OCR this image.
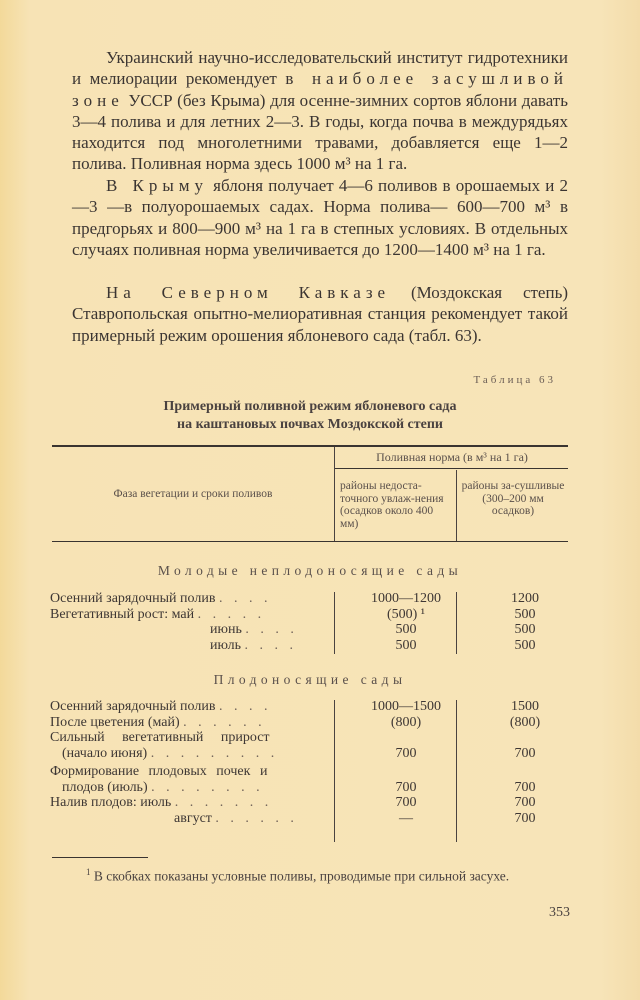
Украинский научно-исследовательский институт гидротехники и мелиорации рекомендует в наиболее засушливой зоне УССР (без Крыма) для осенне-зимних сортов яблони давать 3—4 полива и для летних 2—3. В годы, когда почва в междурядьях находится под многолетними травами, добавляется еще 1—2 полива. Поливная норма здесь 1000 м³ на 1 га.

В Крыму яблоня получает 4—6 поливов в орошаемых и 2—3 —в полуорошаемых садах. Норма полива— 600—700 м³ в предгорьях и 800—900 м³ на 1 га в степных условиях. В отдельных случаях поливная норма увеличивается до 1200—1400 м³ на 1 га.

На Северном Кавказе (Моздокская степь) Ставропольская опытно-мелиоративная станция рекомендует такой примерный режим орошения яблоневого сада (табл. 63).

Таблица 63
Примерный поливной режим яблоневого сада
на каштановых почвах Моздокской степи
Фаза вегетации и сроки поливов
Поливная норма (в м³ на 1 га)
районы недоста-точного увлаж-нения (осадков около 400 мм)
районы за-сушливые (300–200 мм осадков)
Молодые неплодоносящие сады
Осенний зарядочный полив . . . .	1000—1200	1200
Вегетативный рост: май . . . . .	(500) ¹	500
июнь . . . .	500	500
июль . . . .	500	500
Плодоносящие сады
Осенний зарядочный полив . . . .	1000—1500	1500
После цветения (май) . . . . . .	(800)	(800)
Сильный вегетативный прирост
(начало июня) . . . . . . . . .	700	700
Формирование плодовых почек и
плодов (июль) . . . . . . . .	700	700
Налив плодов: июль . . . . . . .	700	700
август . . . . . .	—	700
$^1$ В скобках показаны условные поливы, проводимые при сильной засухе.
353
